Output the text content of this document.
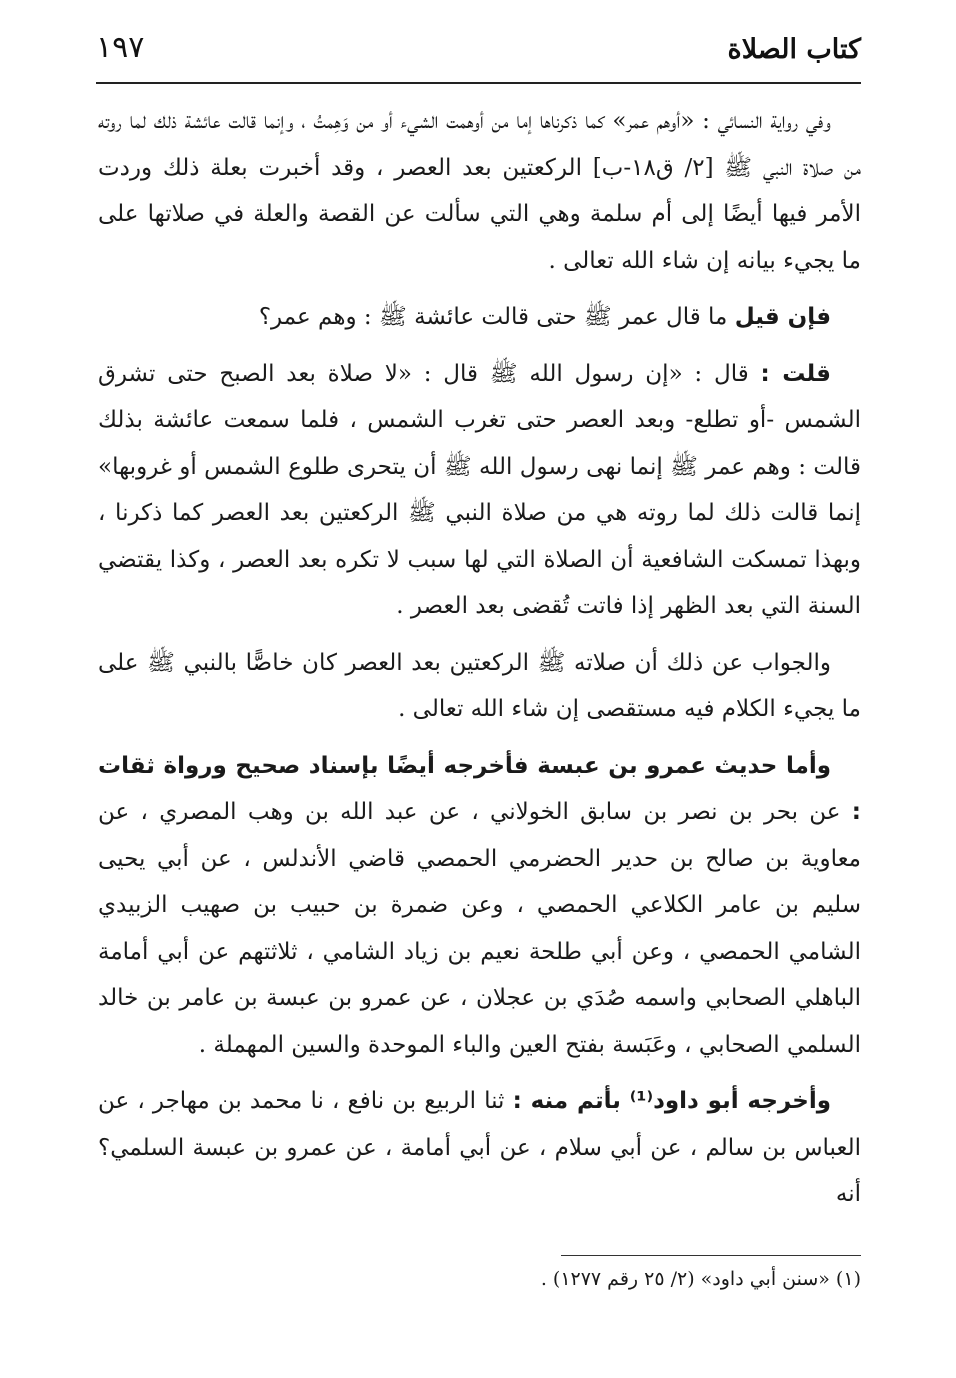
كتاب الصلاة
١٩٧

وفي رواية النسائي : «أوهم عمر» كما ذكرناها إما من أوهمت الشيء أو من وَهِمتُ ، وإنما قالت عائشة ذلك لما روته من صلاة النبي ﷺ [٢/ ق١٨-ب] الركعتين بعد العصر ، وقد أخبرت بعلة ذلك وردت الأمر فيها أيضًا إلى أم سلمة وهي التي سألت عن القصة والعلة في صلاتها على ما يجيء بيانه إن شاء الله تعالى .

فإن قيل ما قال عمر ﷺ حتى قالت عائشة ﷺ : وهم عمر؟

قلت : قال : «إن رسول الله ﷺ قال : «لا صلاة بعد الصبح حتى تشرق الشمس -أو تطلع- وبعد العصر حتى تغرب الشمس ، فلما سمعت عائشة بذلك قالت : وهم عمر ﷺ إنما نهى رسول الله ﷺ أن يتحرى طلوع الشمس أو غروبها» إنما قالت ذلك لما روته هي من صلاة النبي ﷺ الركعتين بعد العصر كما ذكرنا ، وبهذا تمسكت الشافعية أن الصلاة التي لها سبب لا تكره بعد العصر ، وكذا يقتضي السنة التي بعد الظهر إذا فاتت تُقضى بعد العصر .

والجواب عن ذلك أن صلاته ﷺ الركعتين بعد العصر كان خاصًّا بالنبي ﷺ على ما يجيء الكلام فيه مستقصى إن شاء الله تعالى .

وأما حديث عمرو بن عبسة فأخرجه أيضًا بإسناد صحيح ورواة ثقات : عن بحر بن نصر بن سابق الخولاني ، عن عبد الله بن وهب المصري ، عن معاوية بن صالح بن حدير الحضرمي الحمصي قاضي الأندلس ، عن أبي يحيى سليم بن عامر الكلاعي الحمصي ، وعن ضمرة بن حبيب بن صهيب الزبيدي الشامي الحمصي ، وعن أبي طلحة نعيم بن زياد الشامي ، ثلاثتهم عن أبي أمامة الباهلي الصحابي واسمه صُدَي بن عجلان ، عن عمرو بن عبسة بن عامر بن خالد السلمي الصحابي ، وعَبَسة بفتح العين والباء الموحدة والسين المهملة .

وأخرجه أبو داود⁽¹⁾ بأتم منه : ثنا الربيع بن نافع ، نا محمد بن مهاجر ، عن العباس بن سالم ، عن أبي سلام ، عن أبي أمامة ، عن عمرو بن عبسة السلمي؟ أنه

(١) «سنن أبي داود» (٢/ ٢٥ رقم ١٢٧٧) .
